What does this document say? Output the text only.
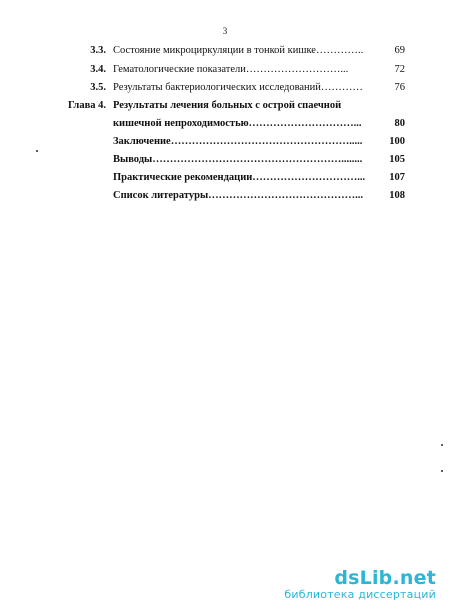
3
3.3. Состояние микроциркуляции в тонкой кишке…………..	69
3.4. Гематологические показатели………………………...	72
3.5. Результаты бактериологических исследований…………	76
Глава 4. Результаты лечения больных с острой спаечной
кишечной непроходимостью…………………………...	80
Заключение…………………………………………….....	100
Выводы………………………………………………........	105
Практические рекомендации…………………………...	107
Список литературы……………………………………...	108
dsLib.net
библиотека диссертаций
